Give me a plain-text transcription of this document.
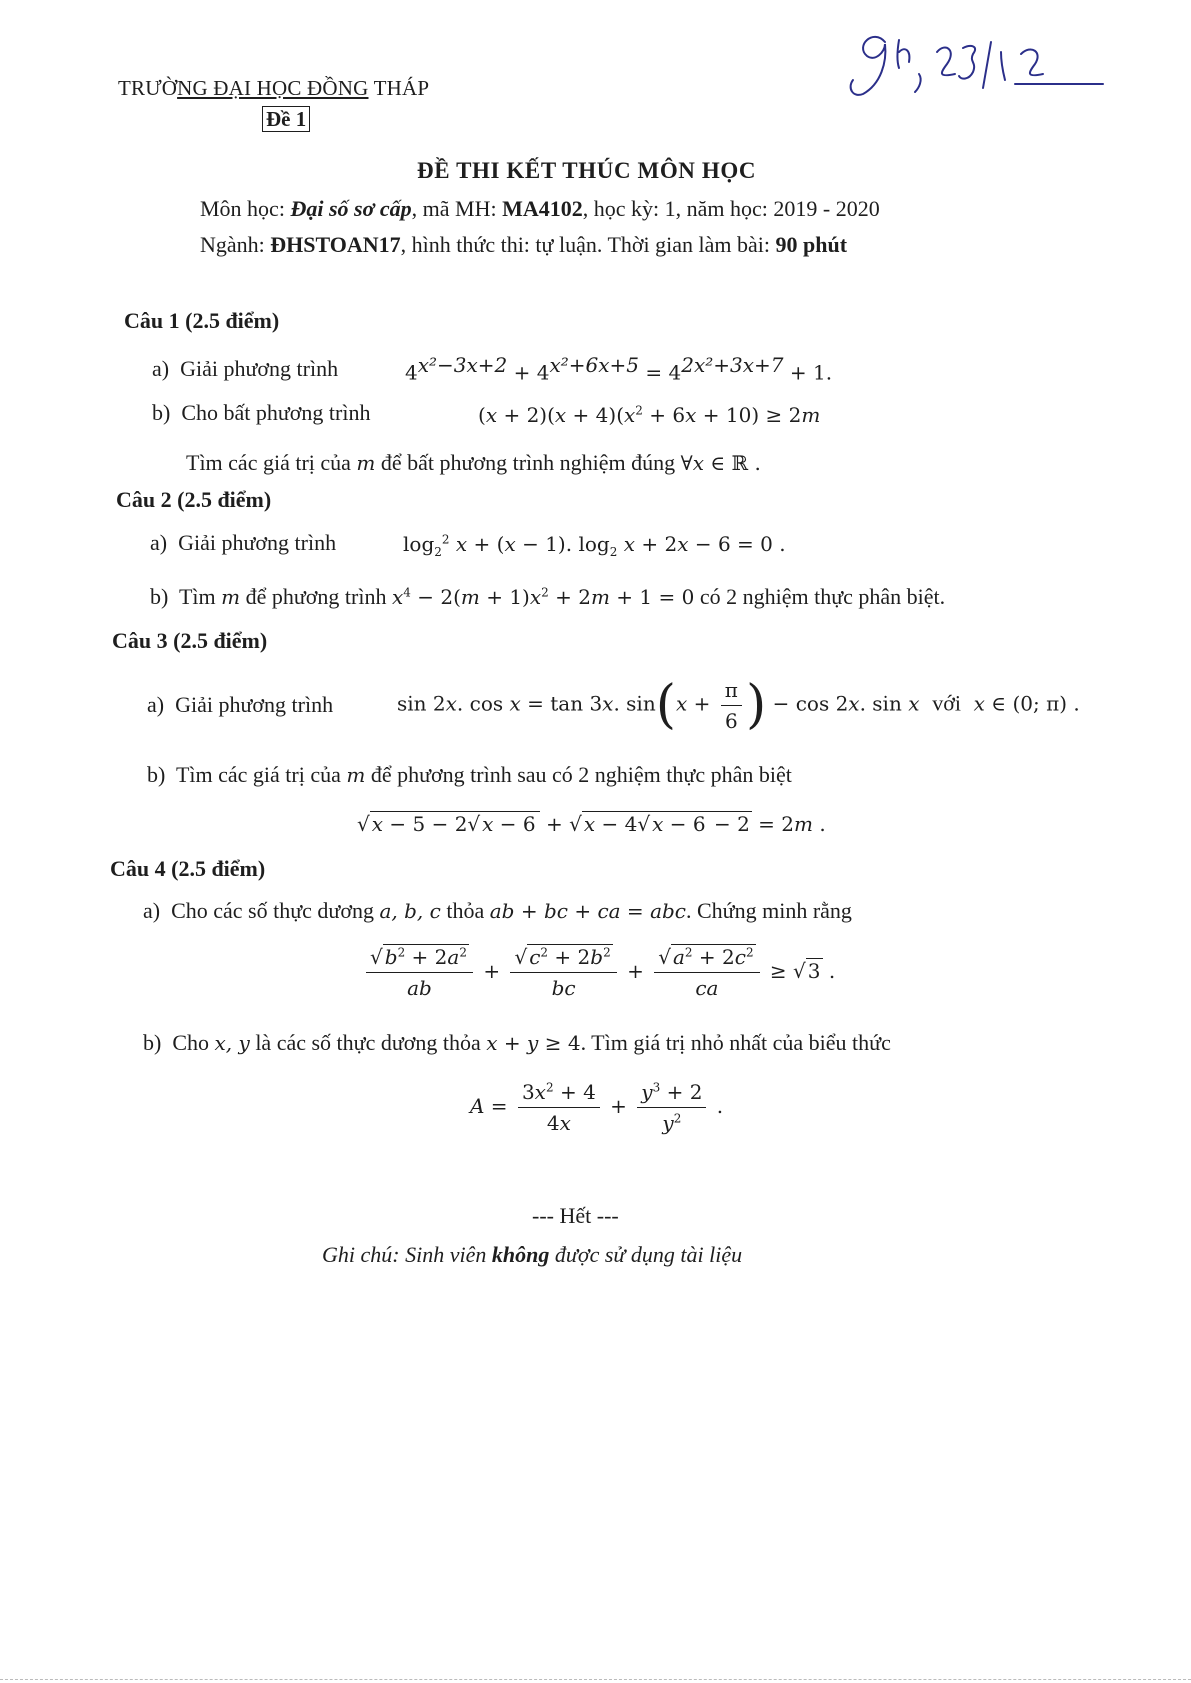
TRƯỜNG ĐẠI HỌC ĐỒNG THÁP
Đề 1
ĐỀ THI KẾT THÚC MÔN HỌC
Môn học: Đại số sơ cấp, mã MH: MA4102, học kỳ: 1, năm học: 2019 - 2020
Ngành: ĐHSTOAN17, hình thức thi: tự luận. Thời gian làm bài: 90 phút
Câu 1 (2.5 điểm)
a) Giải phương trình	$4^{x^2-3x+2} + 4^{x^2+6x+5} = 4^{2x^2+3x+7} + 1$.
b) Cho bất phương trình	$(x + 2)(x + 4)(x^2 + 6x + 10) \ge 2m$
Tìm các giá trị của m để bất phương trình nghiệm đúng ∀x ∈ ℝ .
Câu 2 (2.5 điểm)
a) Giải phương trình	$\log_2^2 x + (x - 1)$. $\log_2 x + 2x - 6 = 0$ .
b) Tìm m để phương trình $x^4 - 2(m + 1)x^2 + 2m + 1 = 0$ có 2 nghiệm thực phân biệt.
Câu 3 (2.5 điểm)
a) Giải phương trình	sin 2x. cos x = tan 3x. $\sin(x + \frac{\pi}{6}$ ) − cos 2x. sin x với x ∈ (0; π) .
b) Tìm các giá trị của m để phương trình sau có 2 nghiệm thực phân biệt
√ x − 5 − 2√ x − 6 + √ x − 4√ x − 6 − 2 = 2m .
Câu 4 (2.5 điểm)
a) Cho các số thực dương a, b, c thỏa ab + bc + ca = abc. Chứng minh rằng
$\frac{√ b^2 + 2a^2}{ab} + \frac{√ c^2 + 2b^2}{bc} + \frac{√ a^2 + 2c^2}{ca}$ ≥ √ 3 .
b) Cho x, y là các số thực dương thỏa x + y ≥ 4. Tìm giá trị nhỏ nhất của biểu thức
$A = \frac{3x^2 + 4}{4x} + \frac{y^3 + 2}{y^2}$ .
--- Hết ---
Ghi chú: Sinh viên không được sử dụng tài liệu
